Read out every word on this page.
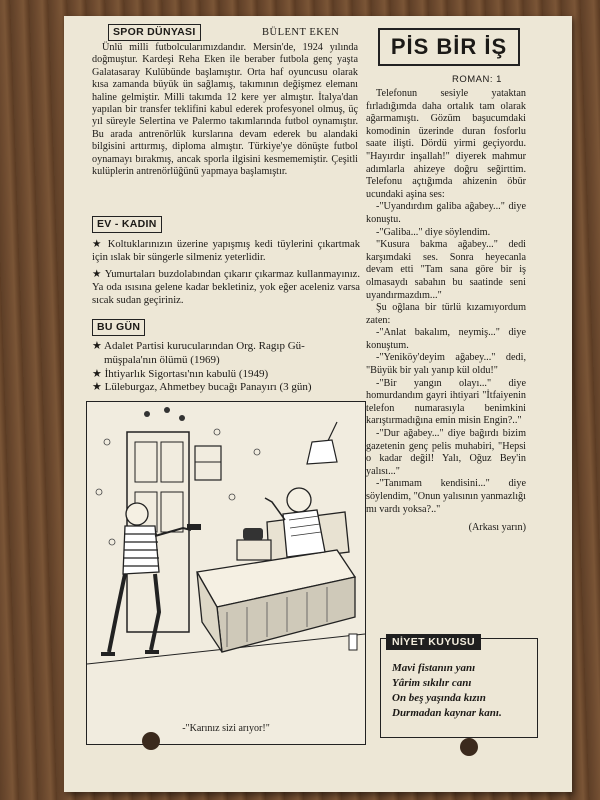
SPOR DÜNYASI	BÜLENT EKEN

Ünlü milli futbolcularımızdandır. Mersin'de, 1924 yılında doğmuştur. Kardeşi Reha Eken ile beraber futbola genç yaşta Galatasaray Kulübünde başlamıştır. Orta haf oyuncusu olarak kısa zamanda büyük ün sağlamış, takımının değişmez elemanı haline gelmiştir. Milli takımda 12 kere yer almıştır. İtalya'dan yapılan bir transfer teklifini kabul ederek profesyonel olmuş, üç yıl süreyle Selertina ve Palermo takımlarında futbol oynamıştır. Bu arada antrenörlük kurslarına devam ederek bu alandaki bilgisini arttırmış, diploma almıştır. Türkiye'ye dönüşte futbol oynamayı bırakmış, ancak sporla ilgisini kesmememiştir. Çeşitli kulüplerin antrenörlüğünü yapmaya başlamıştır.

EV - KADIN

★ Koltuklarınızın üzerine yapışmış kedi tüylerini çıkartmak için ıslak bir süngerle silmeniz yeterlidir.

★ Yumurtaları buzdolabından çıkarır çıkarmaz kullanmayınız. Ya oda ısısına gelene kadar bekletiniz, yok eğer aceleniz varsa sıcak sudan geçiriniz.

BU GÜN
★ Adalet Partisi kurucularından Org. Ragıp Gü-
müşpala'nın ölümü (1969)
★ İhtiyarlık Sigortası'nın kabulü (1949)
★ Lüleburgaz, Ahmetbey bucağı Panayırı (3 gün)
-"Karınız sizi arıyor!"
PİS BİR İŞ
ROMAN: 1

Telefonun sesiyle yataktan fırladığımda daha ortalık tam olarak ağarmamıştı. Gözüm başucumdaki komodinin üzerinde duran fosforlu saate ilişti. Dördü yirmi geçiyordu. "Hayırdır inşallah!" diyerek mahmur adımlarla ahizeye doğru seğirttim. Telefonu açtığımda ahizenin öbür ucundaki aşina ses:

-"Uyandırdım galiba ağabey..." diye konuştu.

-"Galiba..." diye söylendim.

"Kusura bakma ağabey..." dedi karşımdaki ses. Sonra heyecanla devam etti "Tam sana göre bir iş olmasaydı sabahın bu saatinde seni uyandırmazdım..."

Şu oğlana bir türlü kızamıyordum zaten:

-"Anlat bakalım, neymiş..." diye konuştum.

-"Yeniköy'deyim ağabey..." dedi, "Büyük bir yalı yanıp kül oldu!"

-"Bir yangın olayı..." diye homurdandım gayri ihtiyari "İtfaiyenin telefon numarasıyla benimkini karıştırmadığına emin misin Engin?.."

-"Dur ağabey..." diye bağırdı bizim gazetenin genç pelis muhabiri, "Hepsi o kadar değil! Yalı, Oğuz Bey'in yalısı..."

-"Tanımam kendisini..." diye söylendim, "Onun yalısının yanmazlığı mı vardı yoksa?.."

(Arkası yarın)
NİYET KUYUSU
Mavi fistanın yanı
Yârim sıkılır canı
On beş yaşında kızın
Durmadan kaynar kanı.
